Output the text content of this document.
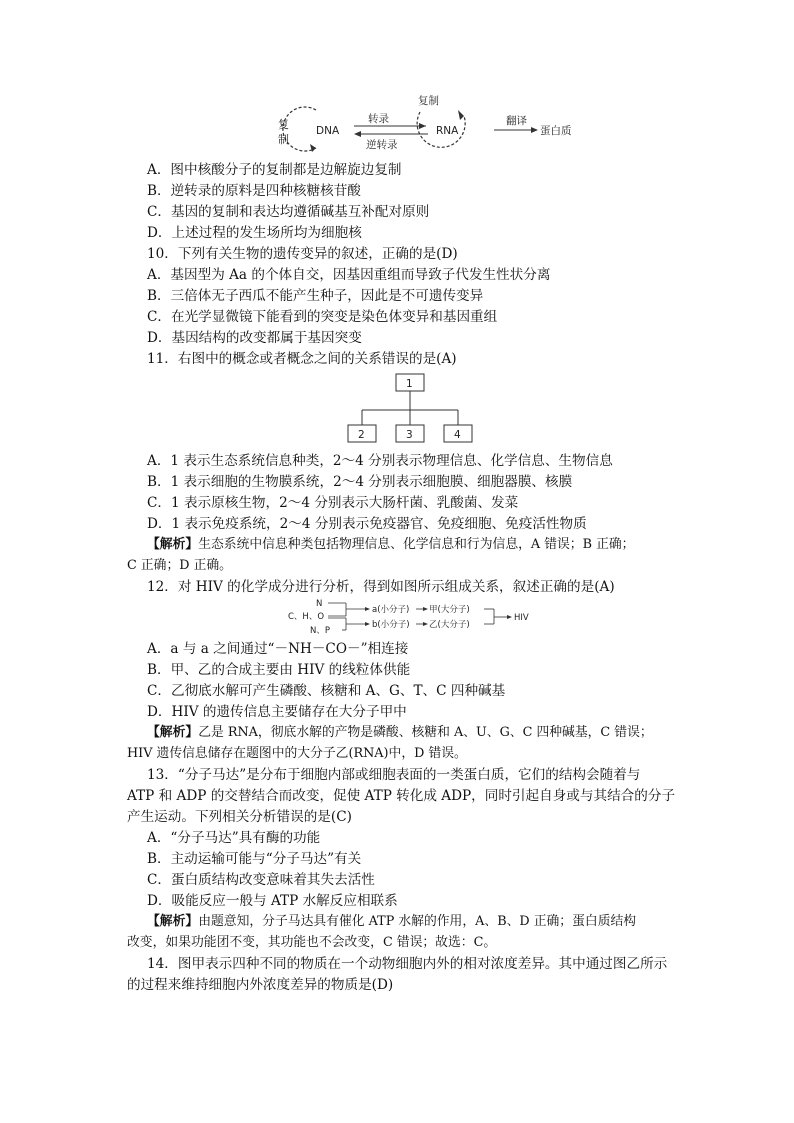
复
制
DNA
转录
逆转录
复制
RNA
翻译
蛋白质
A．图中核酸分子的复制都是边解旋边复制
B．逆转录的原料是四种核糖核苷酸
C．基因的复制和表达均遵循碱基互补配对原则
D．上述过程的发生场所均为细胞核
10．下列有关生物的遗传变异的叙述，正确的是(D)
A．基因型为 Aa 的个体自交，因基因重组而导致子代发生性状分离
B．三倍体无子西瓜不能产生种子，因此是不可遗传变异
C．在光学显微镜下能看到的突变是染色体变异和基因重组
D．基因结构的改变都属于基因突变
11．右图中的概念或者概念之间的关系错误的是(A)
1
2	3	4
A．1 表示生态系统信息种类，2～4 分别表示物理信息、化学信息、生物信息
B．1 表示细胞的生物膜系统，2～4 分别表示细胞膜、细胞器膜、核膜
C．1 表示原核生物，2～4 分别表示大肠杆菌、乳酸菌、发菜
D．1 表示免疫系统，2～4 分别表示免疫器官、免疫细胞、免疫活性物质
【解析】生态系统中信息种类包括物理信息、化学信息和行为信息，A 错误；B 正确；
C 正确；D 正确。
12．对 HIV 的化学成分进行分析，得到如图所示组成关系，叙述正确的是(A)
N
C、H、O
N、P
a(小分子) 甲(大分子)
b(小分子) 乙(大分子)
HIV
A．a 与 a 之间通过“－NH－CO－”相连接
B．甲、乙的合成主要由 HIV 的线粒体供能
C．乙彻底水解可产生磷酸、核糖和 A、G、T、C 四种碱基
D．HIV 的遗传信息主要储存在大分子甲中
【解析】乙是 RNA，彻底水解的产物是磷酸、核糖和 A、U、G、C 四种碱基，C 错误；
HIV 遗传信息储存在题图中的大分子乙(RNA)中，D 错误。
13．“分子马达”是分布于细胞内部或细胞表面的一类蛋白质，它们的结构会随着与
ATP 和 ADP 的交替结合而改变，促使 ATP 转化成 ADP，同时引起自身或与其结合的分子
产生运动。下列相关分析错误的是(C)
A．“分子马达”具有酶的功能
B．主动运输可能与“分子马达”有关
C．蛋白质结构改变意味着其失去活性
D．吸能反应一般与 ATP 水解反应相联系
【解析】由题意知，分子马达具有催化 ATP 水解的作用，A、B、D 正确；蛋白质结构
改变，如果功能团不变，其功能也不会改变，C 错误；故选：C。
14．图甲表示四种不同的物质在一个动物细胞内外的相对浓度差异。其中通过图乙所示
的过程来维持细胞内外浓度差异的物质是(D)
